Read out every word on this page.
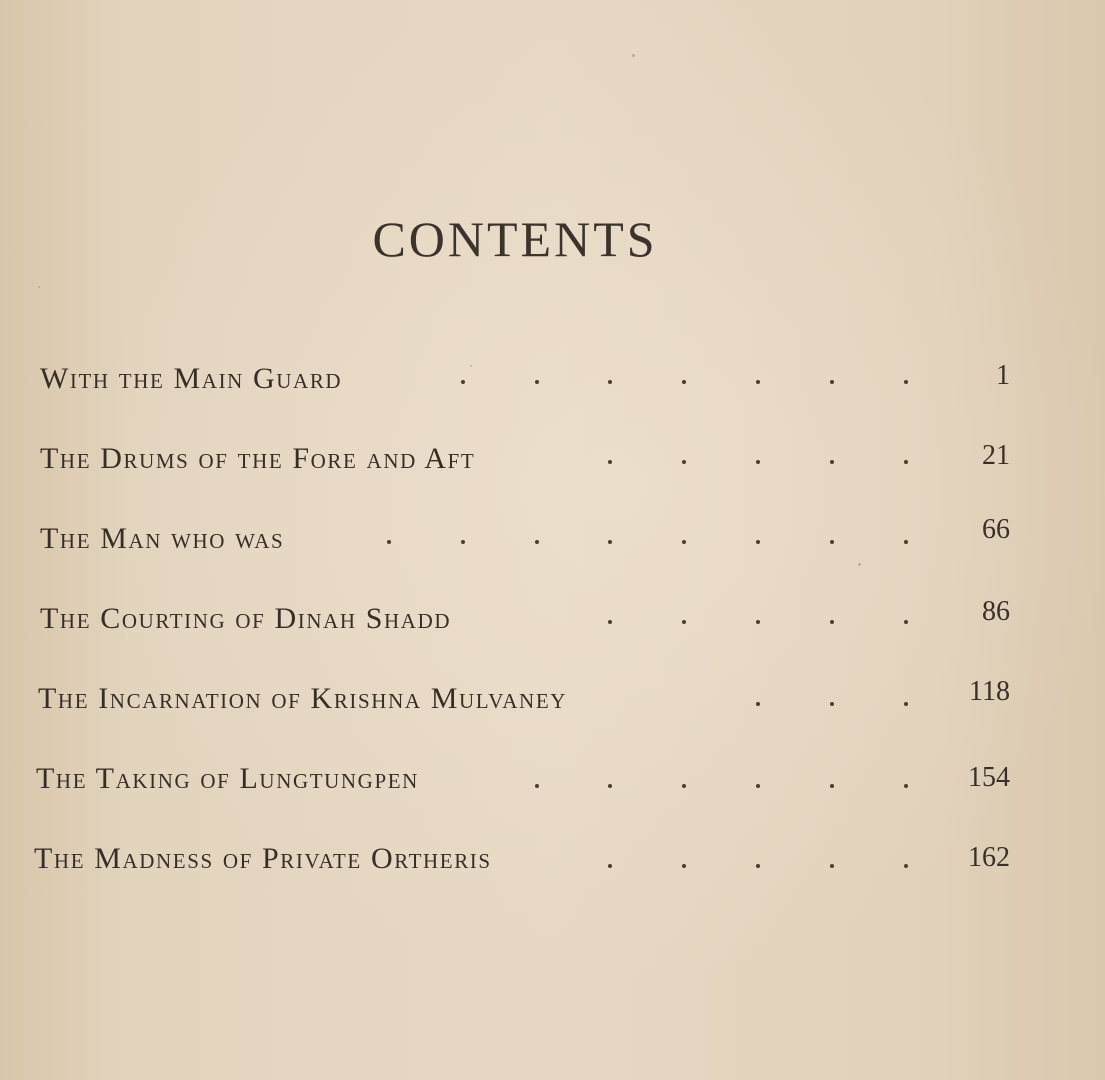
CONTENTS
With the Main Guard	1
The Drums of the Fore and Aft	21
The Man who was	66
The Courting of Dinah Shadd	86
The Incarnation of Krishna Mulvaney	118
The Taking of Lungtungpen	154
The Madness of Private Ortheris	162
